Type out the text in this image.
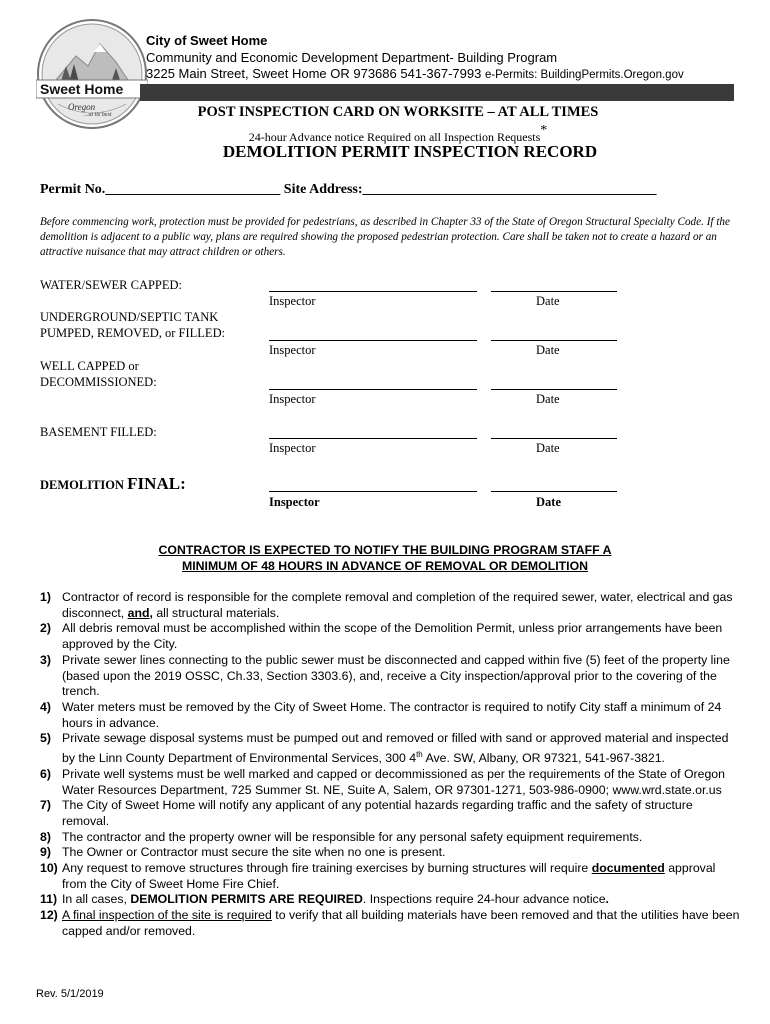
Sweet Home
Oregon
...at its best
City of Sweet Home
Community and Economic Development Department- Building Program
3225 Main Street, Sweet Home OR 973686 541-367-7993 e-Permits: BuildingPermits.Oregon.gov
POST INSPECTION CARD ON WORKSITE – AT ALL TIMES
24-hour Advance notice Required on all Inspection Requests*
DEMOLITION PERMIT INSPECTION RECORD
Permit No._________________________ Site Address:__________________________________________
Before commencing work, protection must be provided for pedestrians, as described in Chapter 33 of the State of Oregon Structural Specialty Code. If the demolition is adjacent to a public way, plans are required showing the proposed pedestrian protection. Care shall be taken not to create a hazard or an attractive nuisance that may attract children or others.
WATER/SEWER CAPPED:
Inspector	Date
UNDERGROUND/SEPTIC TANK
PUMPED, REMOVED, or FILLED:
Inspector	Date
WELL CAPPED or
DECOMMISSIONED:
Inspector	Date
BASEMENT FILLED:
Inspector	Date
DEMOLITION FINAL:
Inspector	Date
CONTRACTOR IS EXPECTED TO NOTIFY THE BUILDING PROGRAM STAFF A
MINIMUM OF 48 HOURS IN ADVANCE OF REMOVAL OR DEMOLITION
1) Contractor of record is responsible for the complete removal and completion of the required sewer, water, electrical and gas disconnect, and, all structural materials.
2) All debris removal must be accomplished within the scope of the Demolition Permit, unless prior arrangements have been approved by the City.
3) Private sewer lines connecting to the public sewer must be disconnected and capped within five (5) feet of the property line (based upon the 2019 OSSC, Ch.33, Section 3303.6), and, receive a City inspection/approval prior to the covering of the trench.
4) Water meters must be removed by the City of Sweet Home. The contractor is required to notify City staff a minimum of 24 hours in advance.
5) Private sewage disposal systems must be pumped out and removed or filled with sand or approved material and inspected by the Linn County Department of Environmental Services, 300 4th Ave. SW, Albany, OR 97321, 541-967-3821.
6) Private well systems must be well marked and capped or decommissioned as per the requirements of the State of Oregon Water Resources Department, 725 Summer St. NE, Suite A, Salem, OR 97301-1271, 503-986-0900; www.wrd.state.or.us
7) The City of Sweet Home will notify any applicant of any potential hazards regarding traffic and the safety of structure removal.
8) The contractor and the property owner will be responsible for any personal safety equipment requirements.
9) The Owner or Contractor must secure the site when no one is present.
10) Any request to remove structures through fire training exercises by burning structures will require documented approval from the City of Sweet Home Fire Chief.
11) In all cases, DEMOLITION PERMITS ARE REQUIRED. Inspections require 24-hour advance notice.
12) A final inspection of the site is required to verify that all building materials have been removed and that the utilities have been capped and/or removed.
Rev. 5/1/2019
